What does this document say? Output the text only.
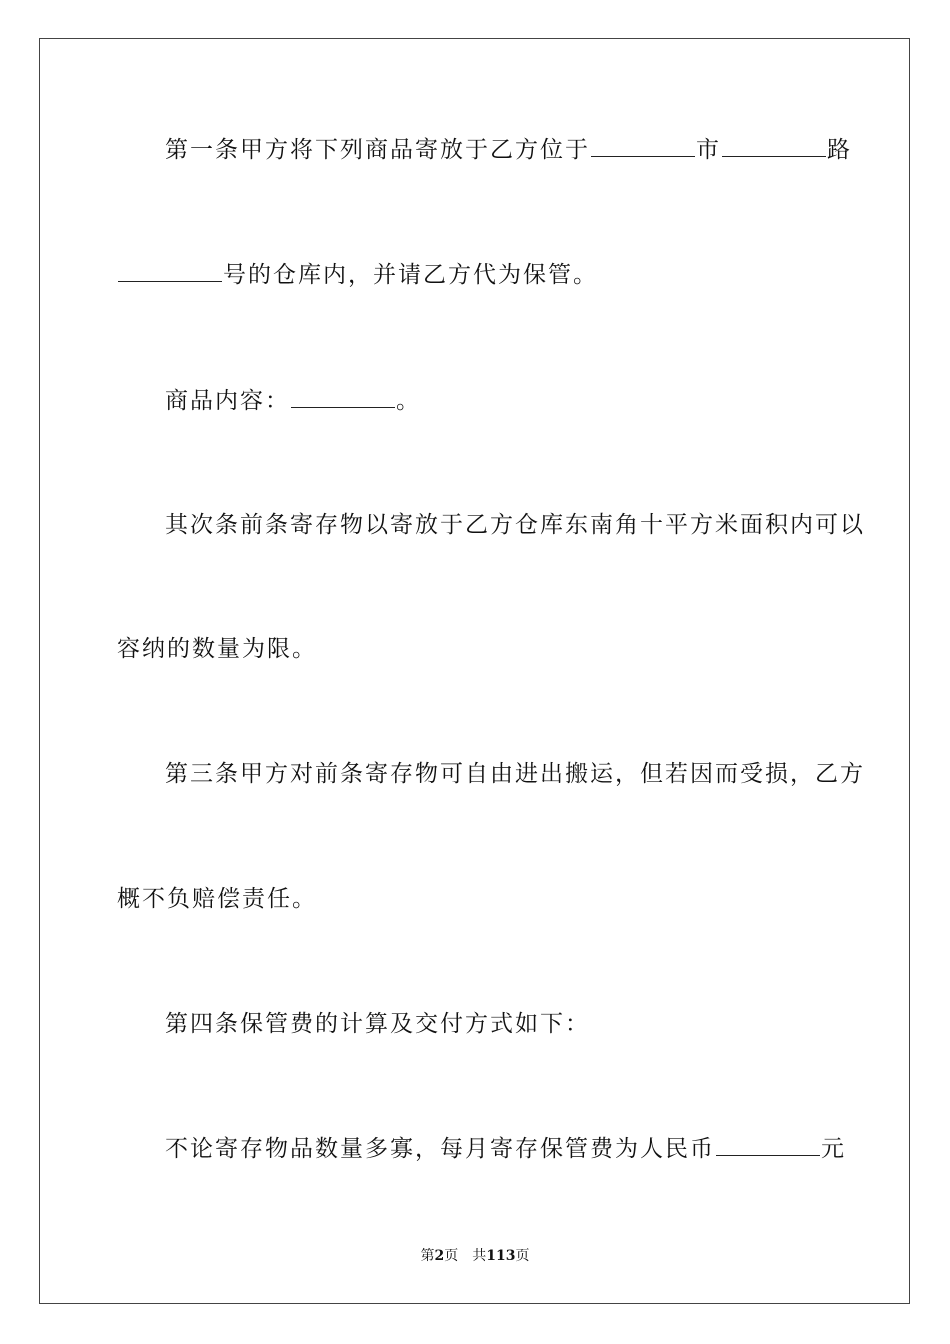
第一条甲方将下列商品寄放于乙方位于	市	路
号的仓库内，并请乙方代为保管。
商品内容：	。
其次条前条寄存物以寄放于乙方仓库东南角十平方米面积内可以
容纳的数量为限。
第三条甲方对前条寄存物可自由进出搬运，但若因而受损，乙方
概不负赔偿责任。
第四条保管费的计算及交付方式如下：
不论寄存物品数量多寡，每月寄存保管费为人民币	元
第2页 共113页
